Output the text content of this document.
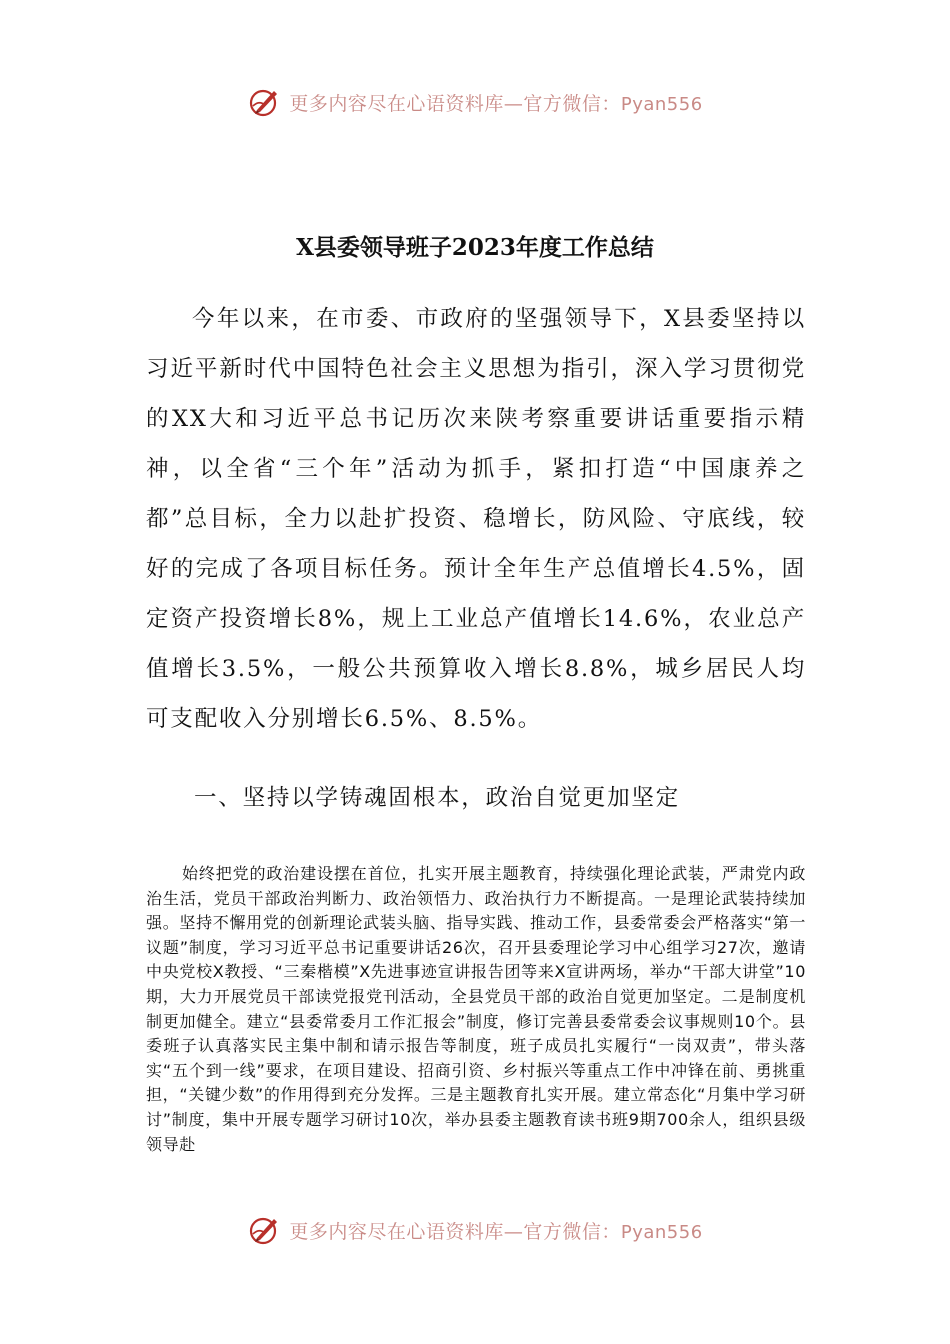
更多内容尽在心语资料库—官方微信：Pyan556
X县委领导班子2023年度工作总结

今年以来，在市委、市政府的坚强领导下，X县委坚持以习近平新时代中国特色社会主义思想为指引，深入学习贯彻党的XX大和习近平总书记历次来陕考察重要讲话重要指示精神，以全省“三个年”活动为抓手，紧扣打造“中国康养之都”总目标，全力以赴扩投资、稳增长，防风险、守底线，较好的完成了各项目标任务。预计全年生产总值增长4.5%，固定资产投资增长8%，规上工业总产值增长14.6%，农业总产值增长3.5%，一般公共预算收入增长8.8%，城乡居民人均可支配收入分别增长6.5%、8.5%。

一、坚持以学铸魂固根本，政治自觉更加坚定

始终把党的政治建设摆在首位，扎实开展主题教育，持续强化理论武装，严肃党内政治生活，党员干部政治判断力、政治领悟力、政治执行力不断提高。一是理论武装持续加强。坚持不懈用党的创新理论武装头脑、指导实践、推动工作，县委常委会严格落实“第一议题”制度，学习习近平总书记重要讲话26次，召开县委理论学习中心组学习27次，邀请中央党校X教授、“三秦楷模”X先进事迹宣讲报告团等来X宣讲两场，举办“干部大讲堂”10期，大力开展党员干部读党报党刊活动，全县党员干部的政治自觉更加坚定。二是制度机制更加健全。建立“县委常委月工作汇报会”制度，修订完善县委常委会议事规则10个。县委班子认真落实民主集中制和请示报告等制度，班子成员扎实履行“一岗双责”，带头落实“五个到一线”要求，在项目建设、招商引资、乡村振兴等重点工作中冲锋在前、勇挑重担，“关键少数”的作用得到充分发挥。三是主题教育扎实开展。建立常态化“月集中学习研讨”制度，集中开展专题学习研讨10次，举办县委主题教育读书班9期700余人，组织县级领导赴

更多内容尽在心语资料库—官方微信：Pyan556
